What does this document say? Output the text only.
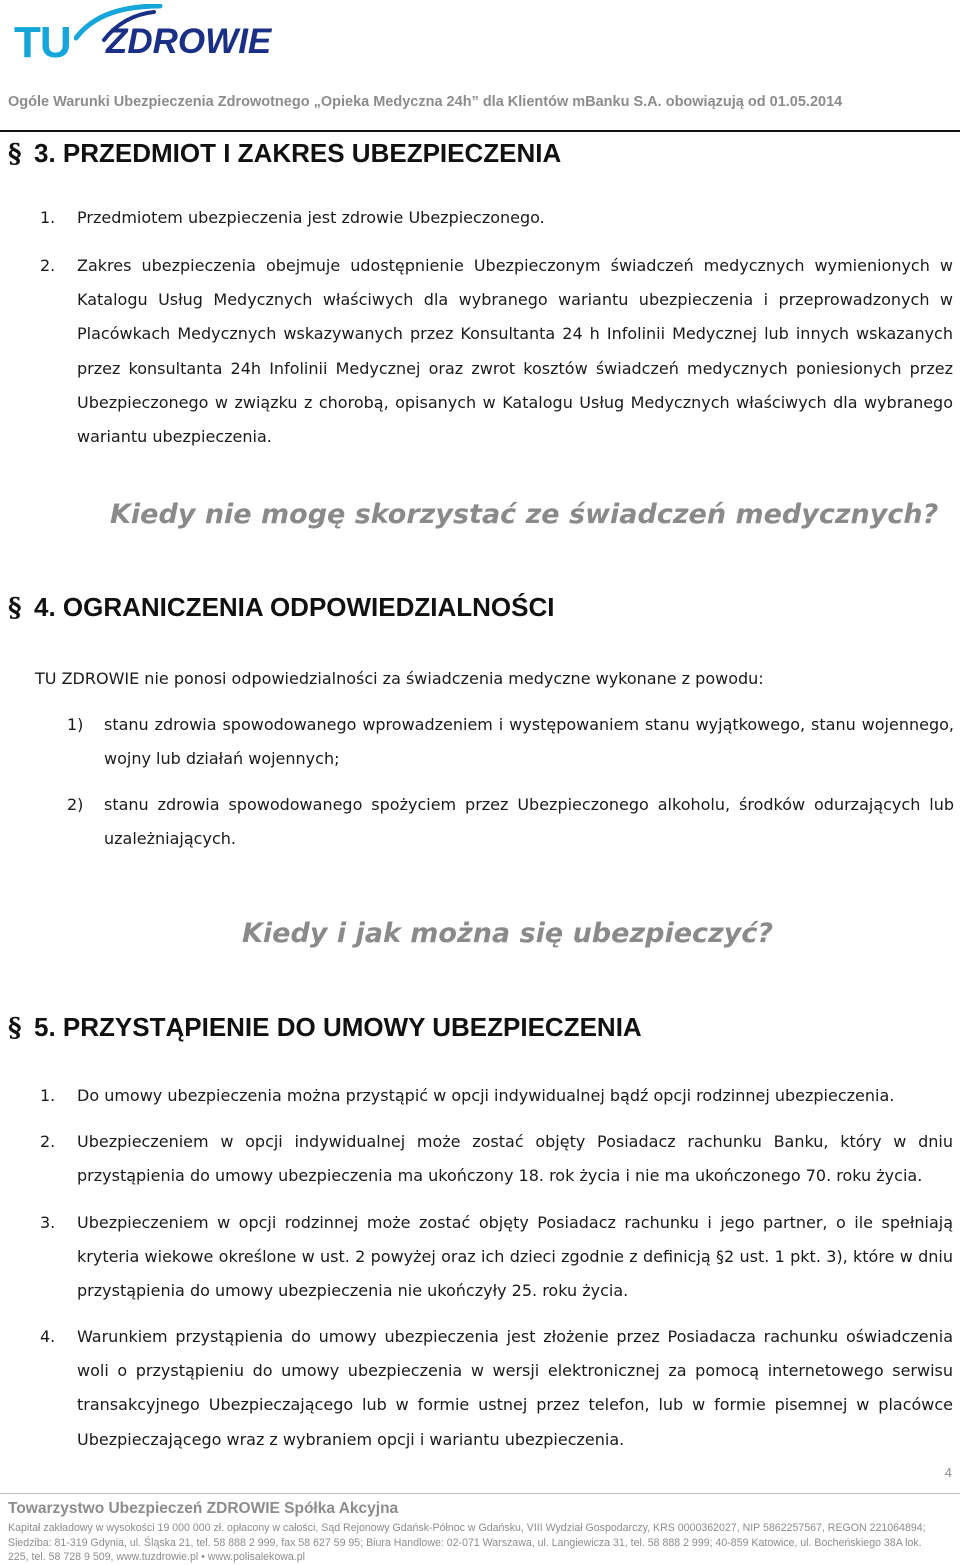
TU ZDROWIE
Ogóle Warunki Ubezpieczenia Zdrowotnego „Opieka Medyczna 24h” dla Klientów mBanku S.A. obowiązują od 01.05.2014
§ 3. PRZEDMIOT I ZAKRES UBEZPIECZENIA
1. Przedmiotem ubezpieczenia jest zdrowie Ubezpieczonego.
2. Zakres ubezpieczenia obejmuje udostępnienie Ubezpieczonym świadczeń medycznych wymienionych w Katalogu Usług Medycznych właściwych dla wybranego wariantu ubezpieczenia i przeprowadzonych w Placówkach Medycznych wskazywanych przez Konsultanta 24 h Infolinii Medycznej lub innych wskazanych przez konsultanta 24h Infolinii Medycznej oraz zwrot kosztów świadczeń medycznych poniesionych przez Ubezpieczonego w związku z chorobą, opisanych w Katalogu Usług Medycznych właściwych dla wybranego wariantu ubezpieczenia.
Kiedy nie mogę skorzystać ze świadczeń medycznych?
§ 4. OGRANICZENIA ODPOWIEDZIALNOŚCI
TU ZDROWIE nie ponosi odpowiedzialności za świadczenia medyczne wykonane z powodu:
1) stanu zdrowia spowodowanego wprowadzeniem i występowaniem stanu wyjątkowego, stanu wojennego, wojny lub działań wojennych;
2) stanu zdrowia spowodowanego spożyciem przez Ubezpieczonego alkoholu, środków odurzających lub uzależniających.
Kiedy i jak można się ubezpieczyć?
§ 5. PRZYSTĄPIENIE DO UMOWY UBEZPIECZENIA
1. Do umowy ubezpieczenia można przystąpić w opcji indywidualnej bądź opcji rodzinnej ubezpieczenia.
2. Ubezpieczeniem w opcji indywidualnej może zostać objęty Posiadacz rachunku Banku, który w dniu przystąpienia do umowy ubezpieczenia ma ukończony 18. rok życia i nie ma ukończonego 70. roku życia.
3. Ubezpieczeniem w opcji rodzinnej może zostać objęty Posiadacz rachunku i jego partner, o ile spełniają kryteria wiekowe określone w ust. 2 powyżej oraz ich dzieci zgodnie z definicją §2 ust. 1 pkt. 3), które w dniu przystąpienia do umowy ubezpieczenia nie ukończyły 25. roku życia.
4. Warunkiem przystąpienia do umowy ubezpieczenia jest złożenie przez Posiadacza rachunku oświadczenia woli o przystąpieniu do umowy ubezpieczenia w wersji elektronicznej za pomocą internetowego serwisu transakcyjnego Ubezpieczającego lub w formie ustnej przez telefon, lub w formie pisemnej w placówce Ubezpieczającego wraz z wybraniem opcji i wariantu ubezpieczenia.
4
Towarzystwo Ubezpieczeń ZDROWIE Spółka Akcyjna
Kapitał zakładowy w wysokości 19 000 000 zł. opłacony w całości, Sąd Rejonowy Gdańsk-Północ w Gdańsku, VIII Wydział Gospodarczy, KRS 0000362027, NIP 5862257567, REGON 221064894;
Siedziba: 81-319 Gdynia, ul. Śląska 21, tel. 58 888 2 999, fax 58 627 59 95; Biura Handlowe: 02-071 Warszawa, ul. Langiewicza 31, tel. 58 888 2 999; 40-859 Katowice, ul. Bocheńskiego 38A lok.
225, tel. 58 728 9 509, www.tuzdrowie.pl • www.polisalekowa.pl
